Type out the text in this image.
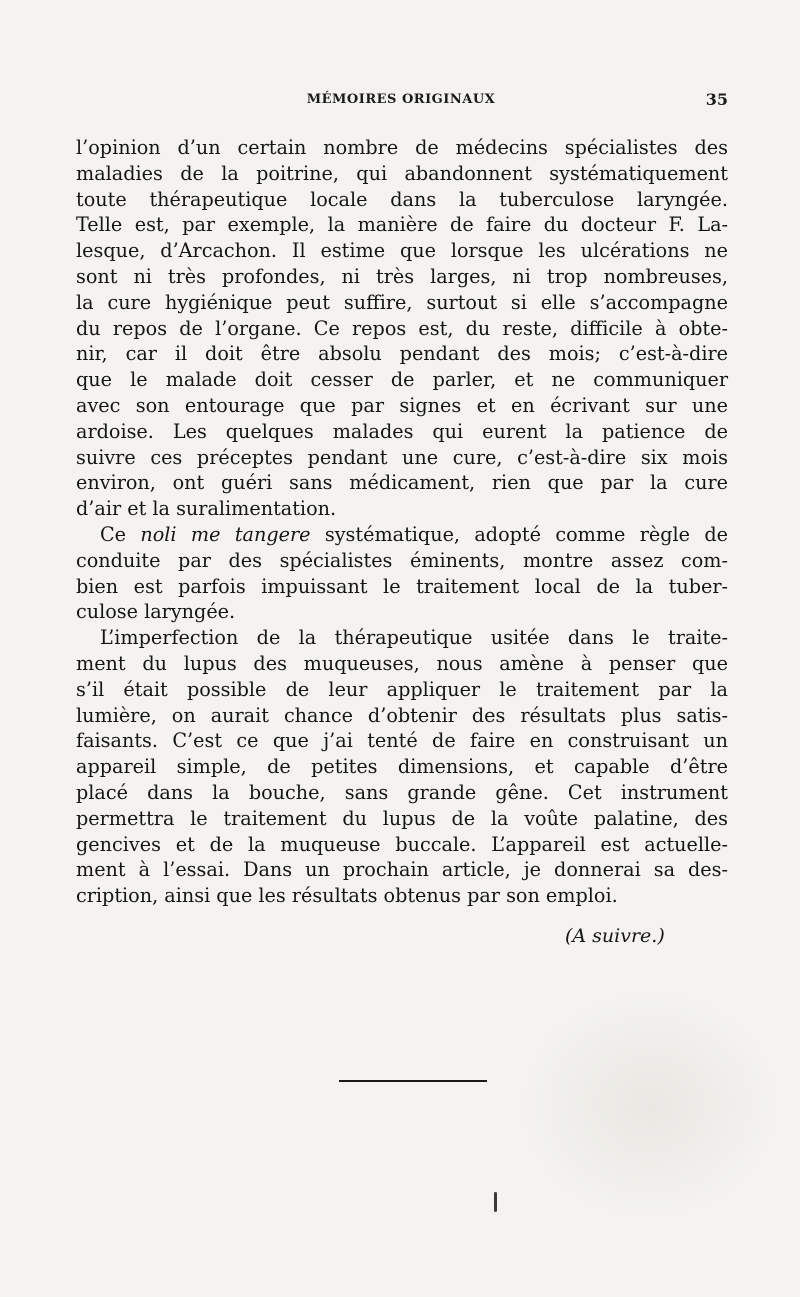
MÉMOIRES ORIGINAUX	35
l’opinion d’un certain nombre de médecins spécialistes des
maladies de la poitrine, qui abandonnent systématiquement
toute thérapeutique locale dans la tuberculose laryngée.
Telle est, par exemple, la manière de faire du docteur F. La-
lesque, d’Arcachon. Il estime que lorsque les ulcérations ne
sont ni très profondes, ni très larges, ni trop nombreuses,
la cure hygiénique peut suffire, surtout si elle s’accompagne
du repos de l’organe. Ce repos est, du reste, difficile à obte-
nir, car il doit être absolu pendant des mois; c’est-à-dire
que le malade doit cesser de parler, et ne communiquer
avec son entourage que par signes et en écrivant sur une
ardoise. Les quelques malades qui eurent la patience de
suivre ces préceptes pendant une cure, c’est-à-dire six mois
environ, ont guéri sans médicament, rien que par la cure
d’air et la suralimentation.
Ce noli me tangere systématique, adopté comme règle de
conduite par des spécialistes éminents, montre assez com-
bien est parfois impuissant le traitement local de la tuber-
culose laryngée.
L’imperfection de la thérapeutique usitée dans le traite-
ment du lupus des muqueuses, nous amène à penser que
s’il était possible de leur appliquer le traitement par la
lumière, on aurait chance d’obtenir des résultats plus satis-
faisants. C’est ce que j’ai tenté de faire en construisant un
appareil simple, de petites dimensions, et capable d’être
placé dans la bouche, sans grande gêne. Cet instrument
permettra le traitement du lupus de la voûte palatine, des
gencives et de la muqueuse buccale. L’appareil est actuelle-
ment à l’essai. Dans un prochain article, je donnerai sa des-
cription, ainsi que les résultats obtenus par son emploi.
(A suivre.)
